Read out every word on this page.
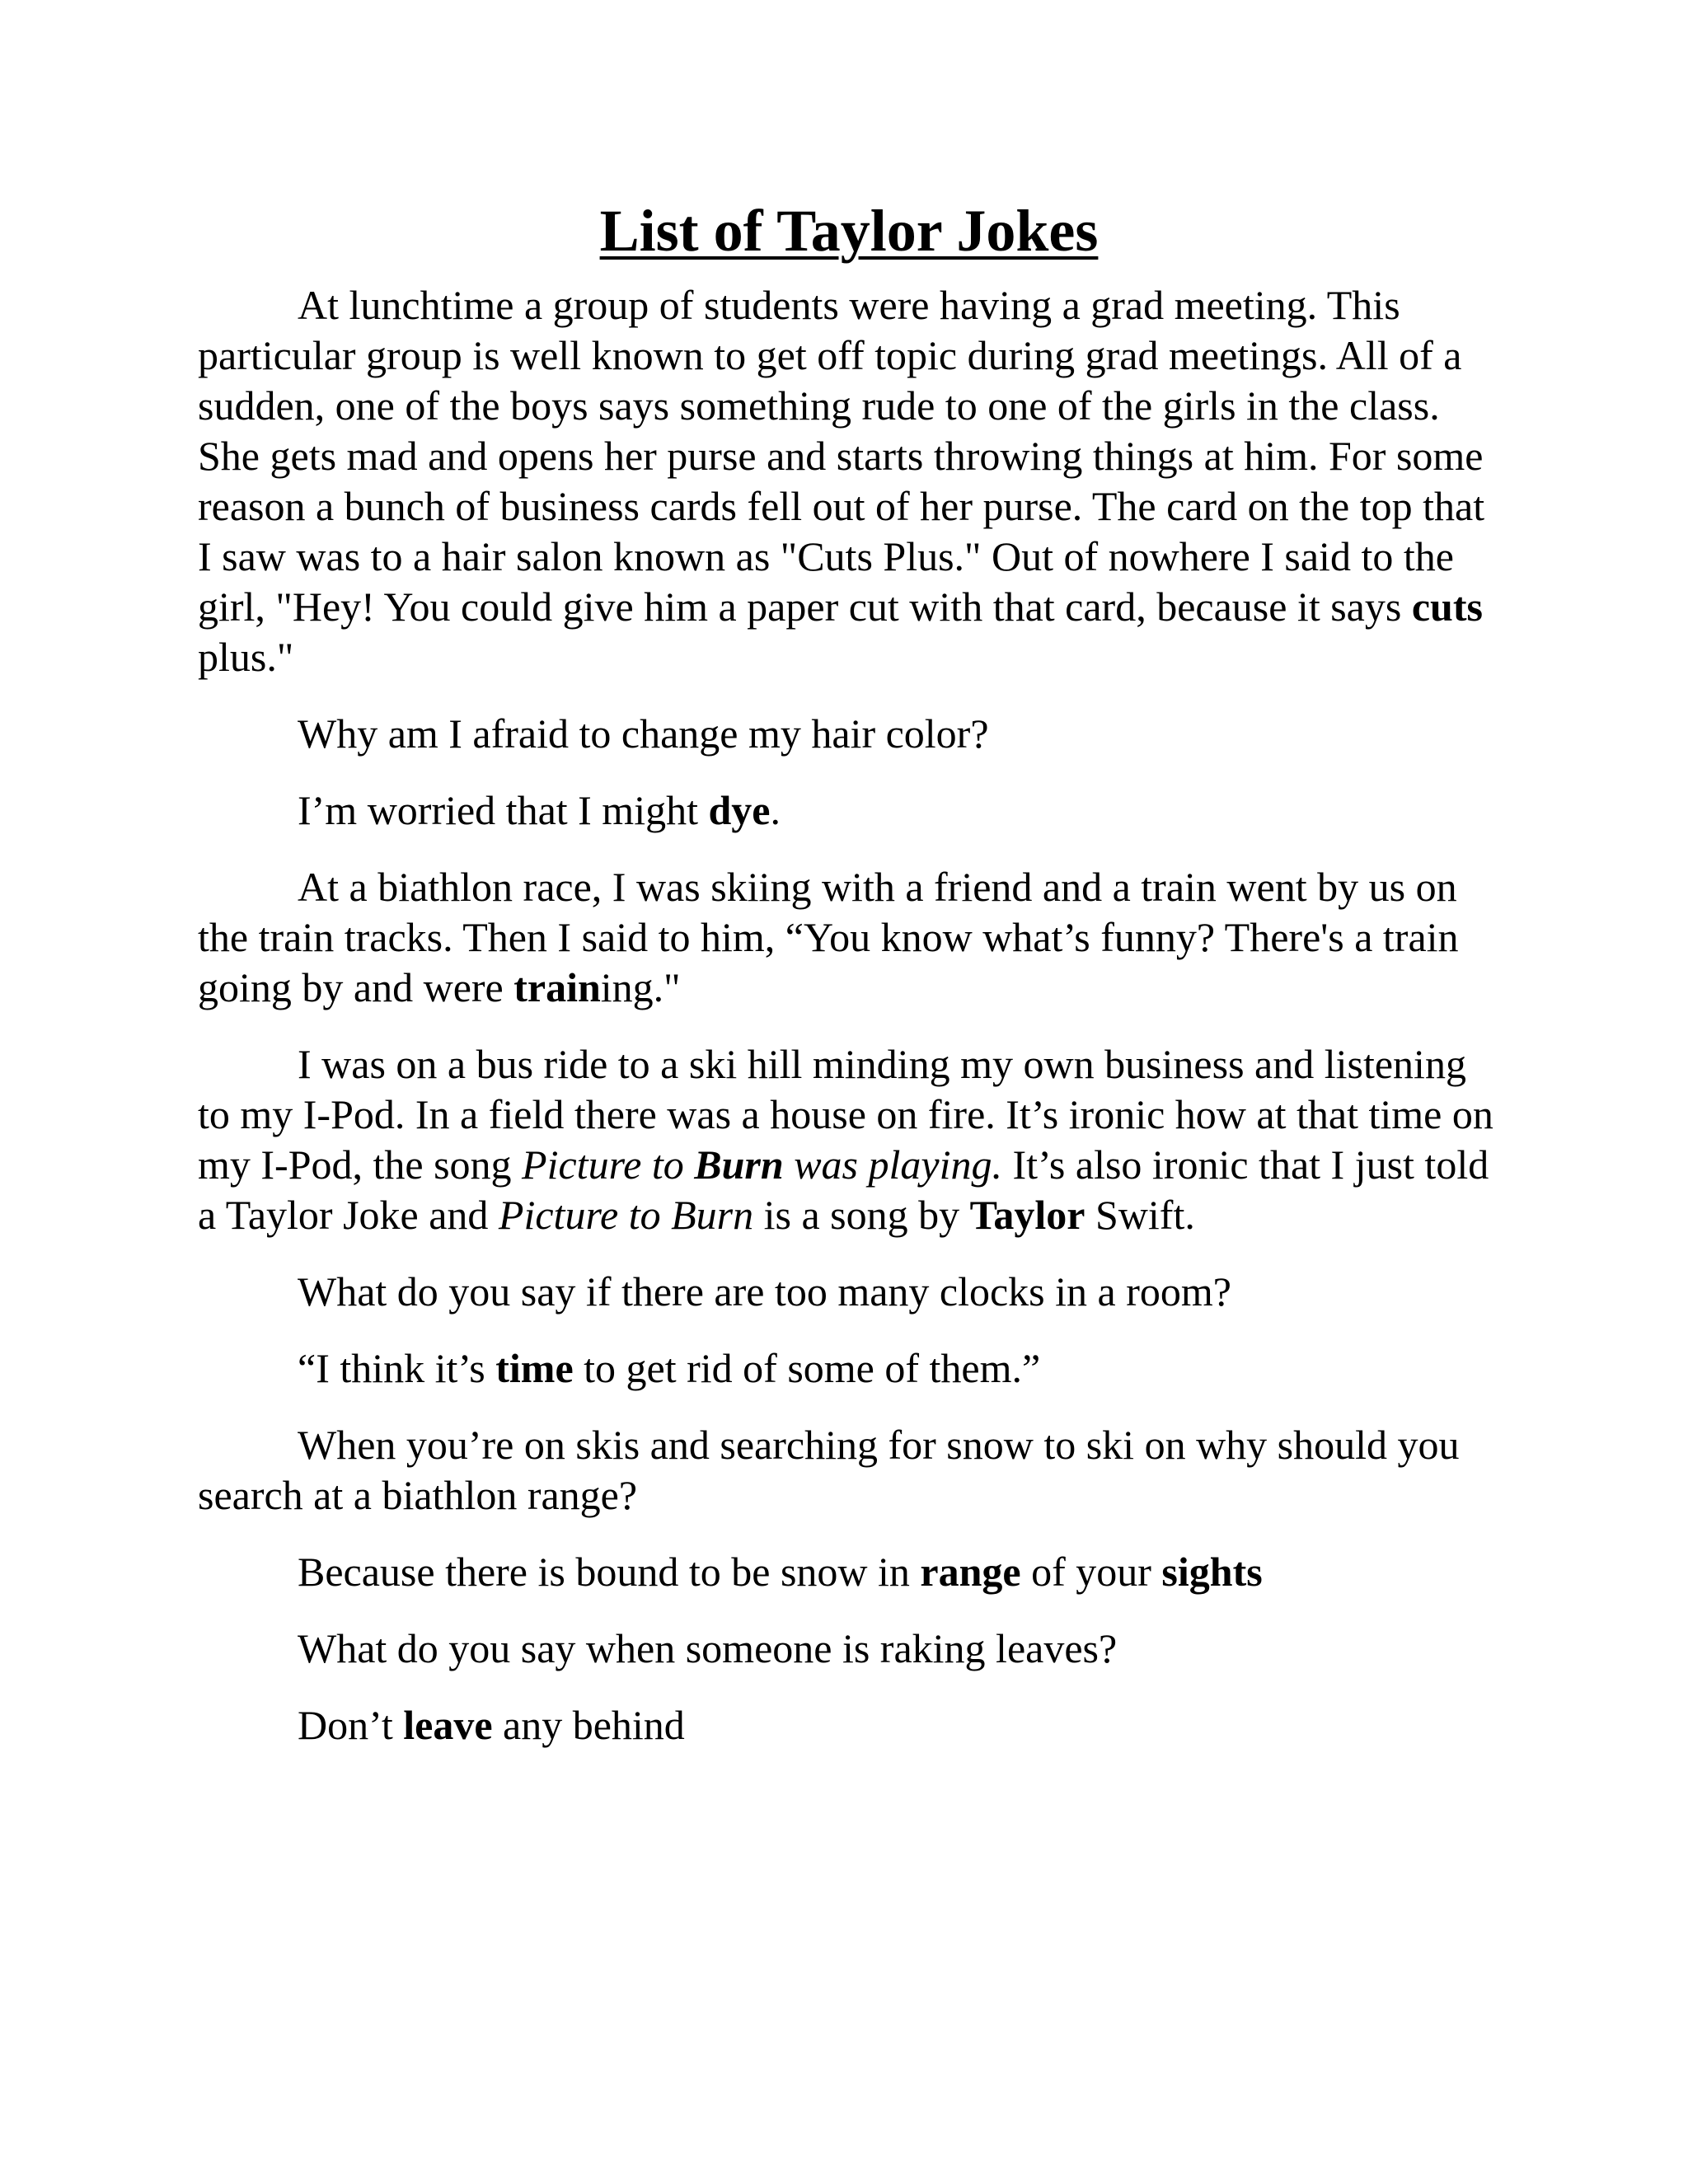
List of Taylor Jokes

At lunchtime a group of students were having a grad meeting. This particular group is well known to get off topic during grad meetings. All of a sudden, one of the boys says something rude to one of the girls in the class. She gets mad and opens her purse and starts throwing things at him. For some reason a bunch of business cards fell out of her purse. The card on the top that I saw was to a hair salon known as "Cuts Plus." Out of nowhere I said to the girl, "Hey! You could give him a paper cut with that card, because it says cuts plus."

Why am I afraid to change my hair color?

I’m worried that I might dye.

At a biathlon race, I was skiing with a friend and a train went by us on the train tracks. Then I said to him, “You know what’s funny? There's a train going by and were training."

I was on a bus ride to a ski hill minding my own business and listening to my I-Pod. In a field there was a house on fire. It’s ironic how at that time on my I-Pod, the song Picture to Burn was playing. It’s also ironic that I just told a Taylor Joke and Picture to Burn is a song by Taylor Swift.

What do you say if there are too many clocks in a room?

“I think it’s time to get rid of some of them.”

When you’re on skis and searching for snow to ski on why should you search at a biathlon range?

Because there is bound to be snow in range of your sights

What do you say when someone is raking leaves?

Don’t leave any behind
